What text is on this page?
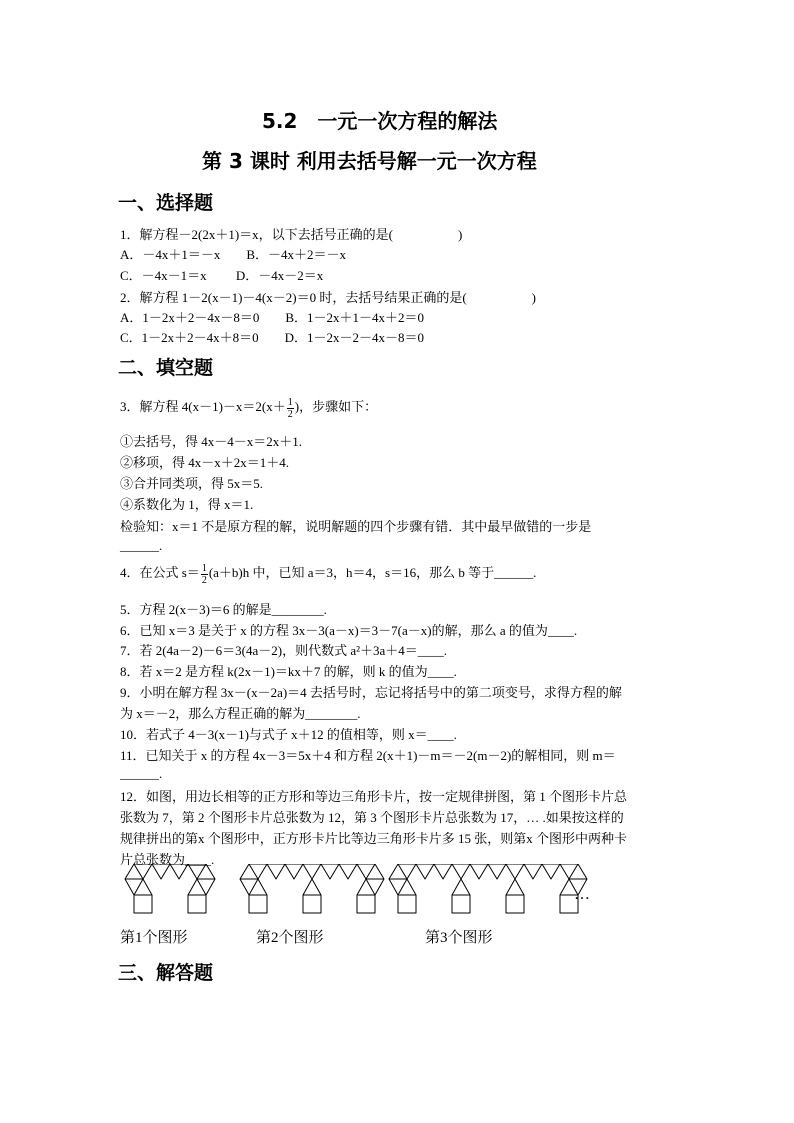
5.2　一元一次方程的解法
第 3 课时 利用去括号解一元一次方程
一、选择题
1．解方程－2(2x＋1)＝x，以下去括号正确的是(　　　　　)
A．－4x＋1＝－x　　B．－4x＋2＝－x
C．－4x－1＝x　　 D．－4x－2＝x
2．解方程 1－2(x－1)－4(x－2)＝0 时，去括号结果正确的是(　　　　　)
A．1－2x＋2－4x－8＝0　　B．1－2x＋1－4x＋2＝0
C．1－2x＋2－4x＋8＝0　　D．1－2x－2－4x－8＝0
二、填空题
3．解方程 $4(x-1)-x=2(x+ \frac{1}{2}$ )，步骤如下：
①去括号，得 4x－4－x＝2x＋1.
②移项，得 4x－x＋2x＝1＋4.
③合并同类项，得 5x＝5.
④系数化为 1，得 x＝1.
检验知：x＝1 不是原方程的解，说明解题的四个步骤有错．其中最早做错的一步是
______.
4．在公式 $s= \frac{1}{2} (a+b)h$ 中，已知 a＝3，h＝4，s＝16，那么 b 等于______.
5．方程 2(x－3)＝6 的解是________.
6．已知 x＝3 是关于 x 的方程 3x－3(a－x)＝3－7(a－x)的解，那么 a 的值为____.
7．若 2(4a－2)－6＝3(4a－2)，则代数式 a²＋3a＋4＝____.
8．若 x＝2 是方程 k(2x－1)＝kx＋7 的解，则 k 的值为____.
9．小明在解方程 3x－(x－2a)＝4 去括号时，忘记将括号中的第二项变号，求得方程的解
为 x＝－2，那么方程正确的解为________.
10．若式子 4－3(x－1)与式子 x＋12 的值相等，则 x＝____.
11．已知关于 x 的方程 4x－3＝5x＋4 和方程 2(x＋1)－m＝－2(m－2)的解相同，则 m＝
______.
12．如图，用边长相等的正方形和等边三角形卡片，按一定规律拼图，第 1 个图形卡片总
张数为 7，第 2 个图形卡片总张数为 12，第 3 个图形卡片总张数为 17，… .如果按这样的
规律拼出的第x 个图形中，正方形卡片比等边三角形卡片多 15 张，则第x 个图形中两种卡
片总张数为____.
…
第1个图形	第2个图形	第3个图形
三、解答题
